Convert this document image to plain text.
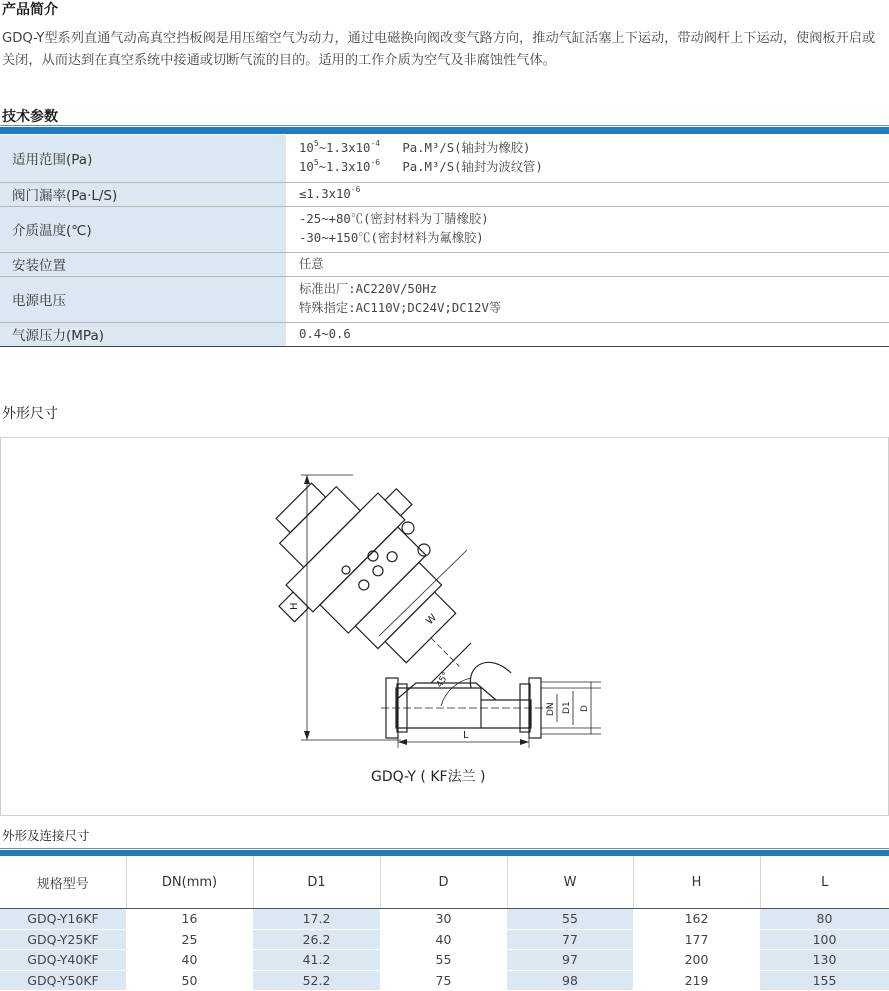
产品简介
GDQ-Y型系列直通气动高真空挡板阀是用压缩空气为动力，通过电磁换向阀改变气路方向，推动气缸活塞上下运动，带动阀杆上下运动，使阀板开启或关闭，从而达到在真空系统中接通或切断气流的目的。适用的工作介质为空气及非腐蚀性气体。
技术参数
适用范围(Pa)	$10^5\sim 1.3x10^{-4}$ Pa.M³/S(轴封为橡胶)
$10^5\sim 1.3x10^{-6}$ Pa.M³/S(轴封为波纹管)

阀门漏率(Pa·L/S)	$\le 1.3x10^{-6}$
介质温度(℃)	-25~+80℃(密封材料为丁腈橡胶)
-30~+150℃(密封材料为氟橡胶)

安装位置	任意
电源电压	标准出厂:AC220V/50Hz
特殊指定:AC110V;DC24V;DC12V等

气源压力(MPa)	0.4~0.6
外形尺寸
H
W
L
45°
DN D1 D
GDQ-Y ( KF法兰 )
外形及连接尺寸
规格型号	DN(mm)	D1	D	W	H	L
GDQ-Y16KF	16	17.2	30	55	162	80
GDQ-Y25KF	25	26.2	40	77	177	100
GDQ-Y40KF	40	41.2	55	97	200	130
GDQ-Y50KF	50	52.2	75	98	219	155
